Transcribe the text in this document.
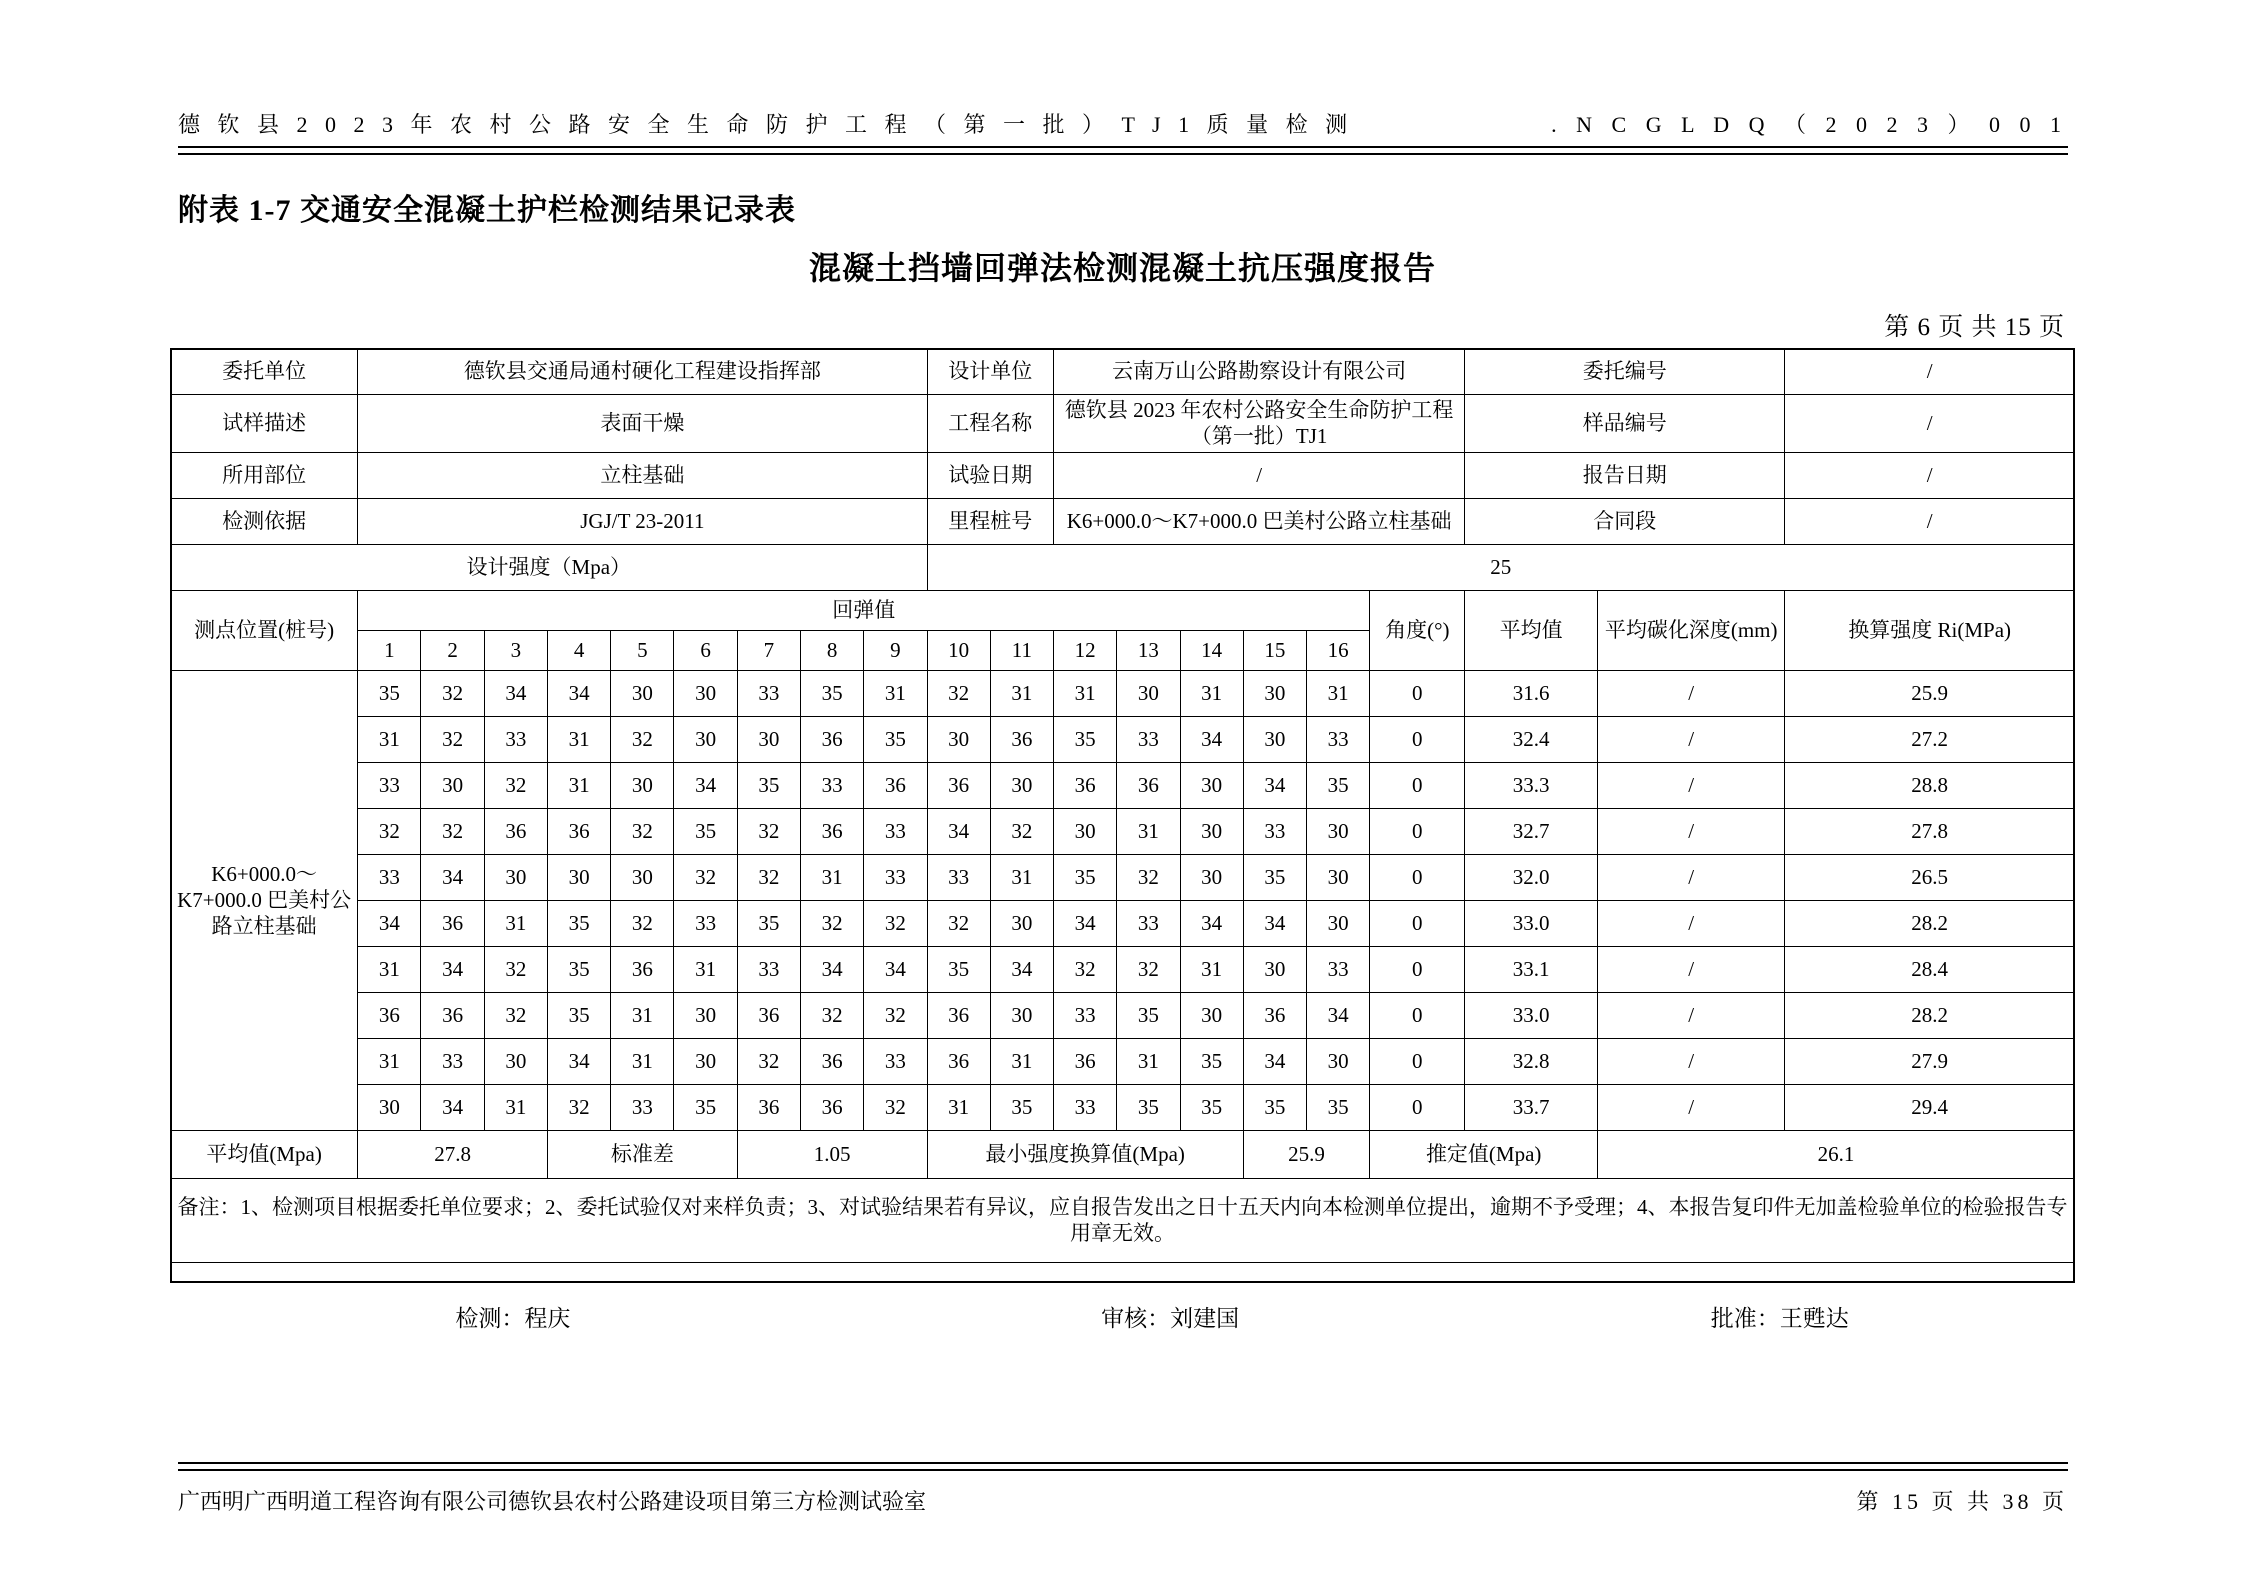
德 钦 县 2 0 2 3 年 农 村 公 路 安 全 生 命 防 护 工 程 （ 第 一 批 ） T J 1 质 量 检 测	. N C G L D Q （ 2 0 2 3 ） 0 0 1
附表 1-7 交通安全混凝土护栏检测结果记录表
混凝土挡墙回弹法检测混凝土抗压强度报告
第 6 页 共 15 页
委托单位	德钦县交通局通村硬化工程建设指挥部									设计单位		云南万山公路勘察设计有限公司						委托编号		/
试样描述	表面干燥									工程名称		德钦县 2023 年农村公路安全生命防护工程（第一批）TJ1						样品编号		/
所用部位	立柱基础									试验日期		/						报告日期		/
检测依据	JGJ/T 23-2011									里程桩号		K6+000.0～K7+000.0 巴美村公路立柱基础						合同段		/
设计强度（Mpa）										25										
测点位置(桩号)	回弹值																角度(°)	平均值	平均碳化深度(mm)	换算强度 Ri(MPa)
	1	2	3	4	5	6	7	8	9	10	11	12	13	14	15	16				
K6+000.0～K7+000.0 巴美村公路立柱基础	35	32	34	34	30	30	33	35	31	32	31	31	30	31	30	31	0	31.6	/	25.9
	31	32	33	31	32	30	30	36	35	30	36	35	33	34	30	33	0	32.4	/	27.2
	33	30	32	31	30	34	35	33	36	36	30	36	36	30	34	35	0	33.3	/	28.8
	32	32	36	36	32	35	32	36	33	34	32	30	31	30	33	30	0	32.7	/	27.8
	33	34	30	30	30	32	32	31	33	33	31	35	32	30	35	30	0	32.0	/	26.5
	34	36	31	35	32	33	35	32	32	32	30	34	33	34	34	30	0	33.0	/	28.2
	31	34	32	35	36	31	33	34	34	35	34	32	32	31	30	33	0	33.1	/	28.4
	36	36	32	35	31	30	36	32	32	36	30	33	35	30	36	34	0	33.0	/	28.2
	31	33	30	34	31	30	32	36	33	36	31	36	31	35	34	30	0	32.8	/	27.9
	30	34	31	32	33	35	36	36	32	31	35	33	35	35	35	35	0	33.7	/	29.4
平均值(Mpa)	27.8			标准差			1.05			最小强度换算值(Mpa)					25.9		推定值(Mpa)		26.1	
备注：1、检测项目根据委托单位要求；2、委托试验仅对来样负责；3、对试验结果若有异议，应自报告发出之日十五天内向本检测单位提出，逾期不予受理；4、本报告复印件无加盖检验单位的检验报告专用章无效。																				
检测：程庆	审核：刘建国	批准：王甦达
广西明广西明道工程咨询有限公司德钦县农村公路建设项目第三方检测试验室	第 15 页 共 38 页
